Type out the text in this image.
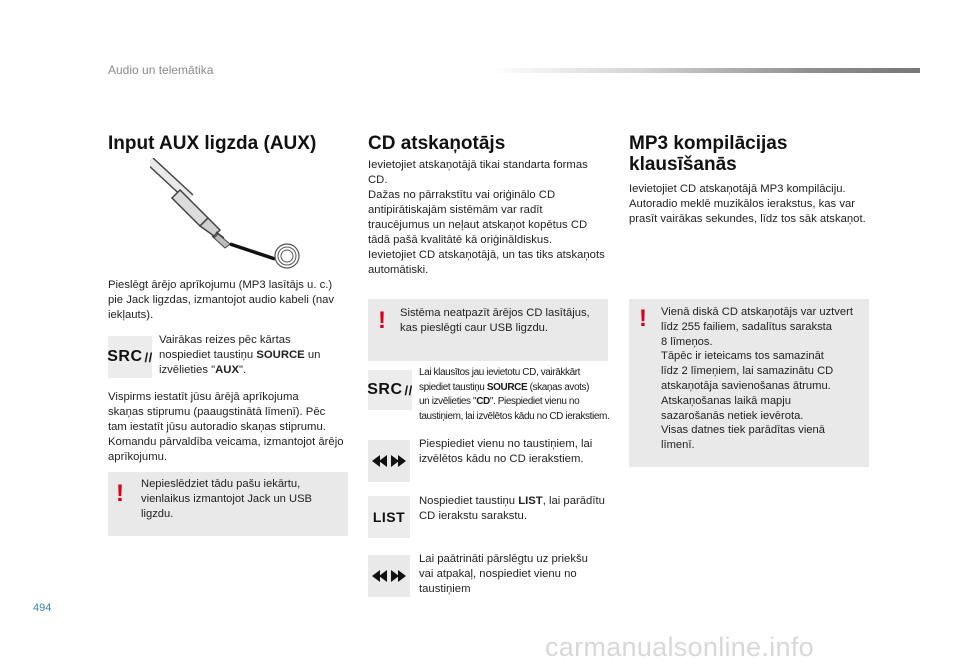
Audio un telemātika
Input AUX ligzda (AUX)
Pieslēgt ārējo aprīkojumu (MP3 lasītājs u. c.)
pie Jack ligzdas, izmantojot audio kabeli (nav
iekļauts).
SRC //
Vairākas reizes pēc kārtas
nospiediet taustiņu SOURCE un
izvēlieties "AUX".
Vispirms iestatīt jūsu ārējā aprīkojuma
skaņas stiprumu (paaugstinātā līmenī). Pēc
tam iestatīt jūsu autoradio skaņas stiprumu.
Komandu pārvaldība veicama, izmantojot ārējo
aprīkojumu.
! Nepieslēdziet tādu pašu iekārtu,
vienlaikus izmantojot Jack un USB
ligzdu.
CD atskaņotājs
Ievietojiet atskaņotājā tikai standarta formas
CD.
Dažas no pārrakstītu vai oriģinālo CD
antipirātiskajām sistēmām var radīt
traucējumus un neļaut atskaņot kopētus CD
tādā pašā kvalitātē kā oriģināldiskus.
Ievietojiet CD atskaņotājā, un tas tiks atskaņots
automātiski.
! Sistēma neatpazīt ārējos CD lasītājus,
kas pieslēgti caur USB ligzdu.
SRC //
Lai klausītos jau ievietotu CD, vairākkārt
spiediet taustiņu SOURCE (skaņas avots)
un izvēlieties "CD". Piespiediet vienu no
taustiņiem, lai izvēlētos kādu no CD ierakstiem.
Piespiediet vienu no taustiņiem, lai
izvēlētos kādu no CD ierakstiem.
LIST
Nospiediet taustiņu LIST, lai parādītu
CD ierakstu sarakstu.
Lai paātrināti pārslēgtu uz priekšu
vai atpakaļ, nospiediet vienu no
taustiņiem
MP3 kompilācijas
klausīšanās
Ievietojiet CD atskaņotājā MP3 kompilāciju.
Autoradio meklē muzikālos ierakstus, kas var
prasīt vairākas sekundes, līdz tos sāk atskaņot.
! Vienā diskā CD atskaņotājs var uztvert
līdz 255 failiem, sadalītus saraksta
8 līmeņos.
Tāpēc ir ieteicams tos samazināt
līdz 2 līmeņiem, lai samazinātu CD
atskaņotāja savienošanas ātrumu.
Atskaņošanas laikā mapju
sazarošanās netiek ievērota.
Visas datnes tiek parādītas vienā
līmenī.
494
carmanualsonline.info
